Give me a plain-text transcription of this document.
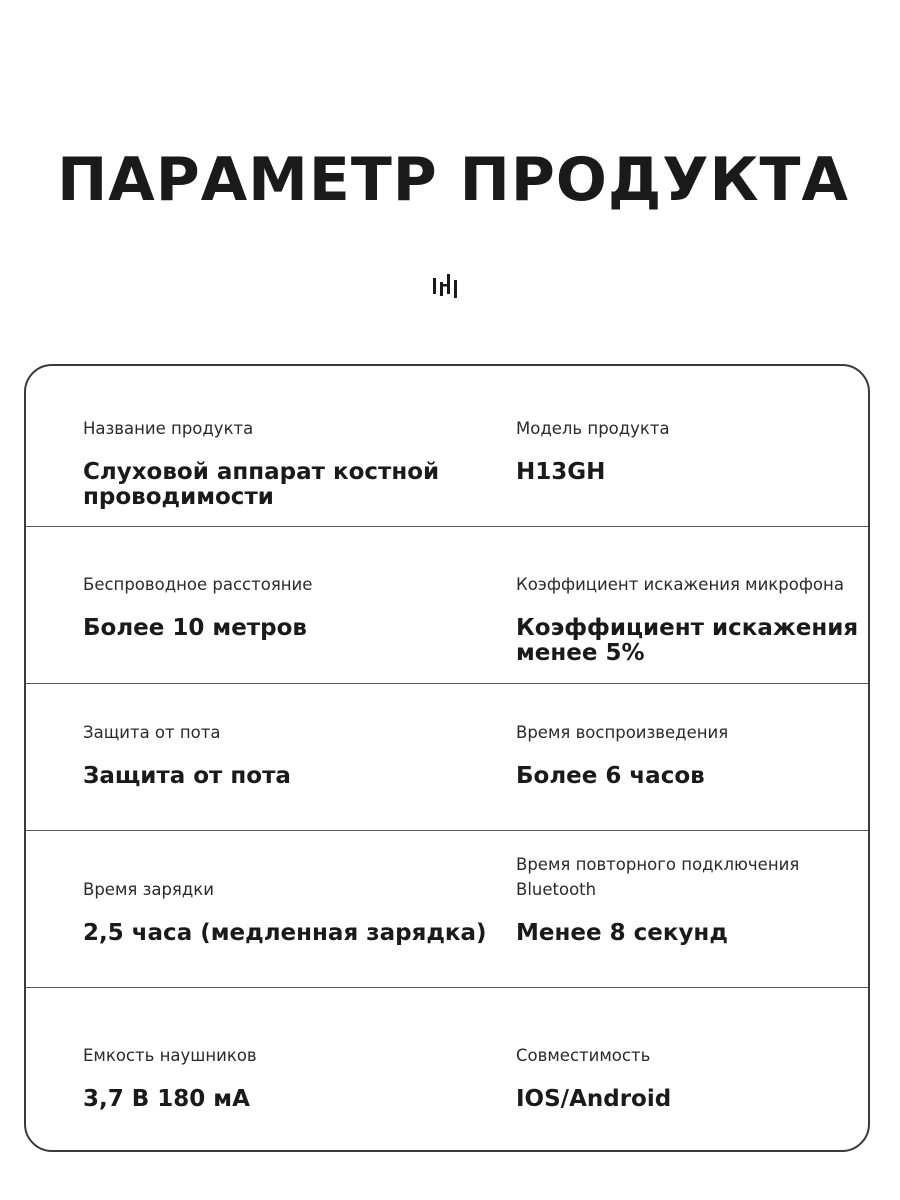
ПАРАМЕТР ПРОДУКТА
Название продукта
Слуховой аппарат костной
проводимости
Модель продукта
H13GH
Беспроводное расстояние
Более 10 метров
Коэффициент искажения микрофона
Коэффициент искажения
менее 5%
Защита от пота
Защита от пота
Время воспроизведения
Более 6 часов
Время зарядки
2,5 часа (медленная зарядка)
Время повторного подключения
Bluetooth
Менее 8 секунд
Емкость наушников
3,7 В 180 мА
Совместимость
IOS/Android
